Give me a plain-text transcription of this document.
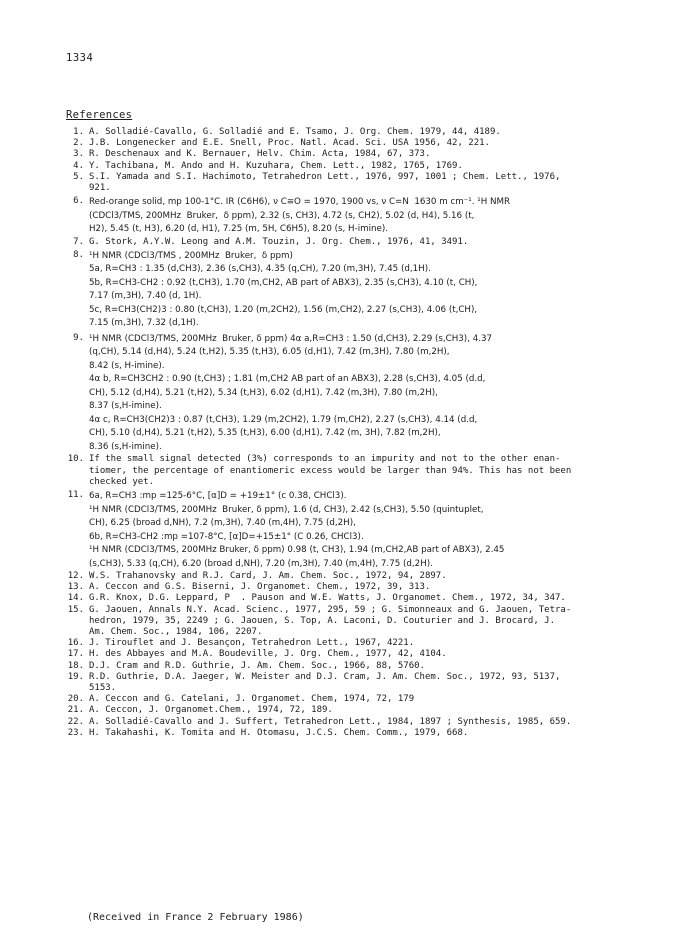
1334
References
1. A. Solladié-Cavallo, G. Solladié and E. Tsamo, J. Org. Chem. 1979, 44, 4189.
2. J.B. Longenecker and E.E. Snell, Proc. Natl. Acad. Sci. USA 1956, 42, 221.
3. R. Deschenaux and K. Bernauer, Helv. Chim. Acta, 1984, 67, 373.
4. Y. Tachibana, M. Ando and H. Kuzuhara, Chem. Lett., 1982, 1765, 1769.
5. S.I. Yamada and S.I. Hachimoto, Tetrahedron Lett., 1976, 997, 1001 ; Chem. Lett., 1976,
921.
6. Red-orange solid, mp 100-1°C. IR (C6H6), ν C≡O = 1970, 1900 vs, ν C=N  1630 m cm⁻¹. ¹H NMR
(CDCl3/TMS, 200MHz  Bruker,  δ ppm), 2.32 (s, CH3), 4.72 (s, CH2), 5.02 (d, H4), 5.16 (t,
H2), 5.45 (t, H3), 6.20 (d, H1), 7.25 (m, 5H, C6H5), 8.20 (s, H-imine).
7. G. Stork, A.Y.W. Leong and A.M. Touzin, J. Org. Chem., 1976, 41, 3491.
8. ¹H NMR (CDCl3/TMS , 200MHz  Bruker,  δ ppm)
5a, R=CH3 : 1.35 (d,CH3), 2.36 (s,CH3), 4.35 (q,CH), 7.20 (m,3H), 7.45 (d,1H).
5b, R=CH3-CH2 : 0.92 (t,CH3), 1.70 (m,CH2, AB part of ABX3), 2.35 (s,CH3), 4.10 (t, CH),
7.17 (m,3H), 7.40 (d, 1H).
5c, R=CH3(CH2)3 : 0.80 (t,CH3), 1.20 (m,2CH2), 1.56 (m,CH2), 2.27 (s,CH3), 4.06 (t,CH),
7.15 (m,3H), 7.32 (d,1H).
9. ¹H NMR (CDCl3/TMS, 200MHz  Bruker, δ ppm) 4α a,R=CH3 : 1.50 (d,CH3), 2.29 (s,CH3), 4.37
(q,CH), 5.14 (d,H4), 5.24 (t,H2), 5.35 (t,H3), 6.05 (d,H1), 7.42 (m,3H), 7.80 (m,2H),
8.42 (s, H-imine).
4α b, R=CH3CH2 : 0.90 (t,CH3) ; 1.81 (m,CH2 AB part of an ABX3), 2.28 (s,CH3), 4.05 (d.d,
CH), 5.12 (d,H4), 5.21 (t,H2), 5.34 (t,H3), 6.02 (d,H1), 7.42 (m,3H), 7.80 (m,2H),
8.37 (s,H-imine).
4α c, R=CH3(CH2)3 : 0.87 (t,CH3), 1.29 (m,2CH2), 1.79 (m,CH2), 2.27 (s,CH3), 4.14 (d.d,
CH), 5.10 (d,H4), 5.21 (t,H2), 5.35 (t,H3), 6.00 (d,H1), 7.42 (m, 3H), 7.82 (m,2H),
8.36 (s,H-imine).
10. If the small signal detected (3%) corresponds to an impurity and not to the other enan-
tiomer, the percentage of enantiomeric excess would be larger than 94%. This has not been
checked yet.
11. 6a, R=CH3 :mp =125-6°C, [α]D = +19±1° (c 0.38, CHCl3).
¹H NMR (CDCl3/TMS, 200MHz  Bruker, δ ppm), 1.6 (d, CH3), 2.42 (s,CH3), 5.50 (quintuplet,
CH), 6.25 (broad d,NH), 7.2 (m,3H), 7.40 (m,4H), 7.75 (d,2H),
6b, R=CH3-CH2 :mp =107-8°C, [α]D=+15±1° (C 0.26, CHCl3).
¹H NMR (CDCl3/TMS, 200MHz Bruker, δ ppm) 0.98 (t, CH3), 1.94 (m,CH2,AB part of ABX3), 2.45
(s,CH3), 5.33 (q,CH), 6.20 (broad d,NH), 7.20 (m,3H), 7.40 (m,4H), 7.75 (d,2H).
12. W.S. Trahanovsky and R.J. Card, J. Am. Chem. Soc., 1972, 94, 2897.
13. A. Ceccon and G.S. Biserni, J. Organomet. Chem., 1972, 39, 313.
14. G.R. Knox, D.G. Leppard, P  . Pauson and W.E. Watts, J. Organomet. Chem., 1972, 34, 347.
15. G. Jaouen, Annals N.Y. Acad. Scienc., 1977, 295, 59 ; G. Simonneaux and G. Jaouen, Tetra-
hedron, 1979, 35, 2249 ; G. Jaouen, S. Top, A. Laconi, D. Couturier and J. Brocard, J.
Am. Chem. Soc., 1984, 106, 2207.
16. J. Tirouflet and J. Besançon, Tetrahedron Lett., 1967, 4221.
17. H. des Abbayes and M.A. Boudeville, J. Org. Chem., 1977, 42, 4104.
18. D.J. Cram and R.D. Guthrie, J. Am. Chem. Soc., 1966, 88, 5760.
19. R.D. Guthrie, D.A. Jaeger, W. Meister and D.J. Cram, J. Am. Chem. Soc., 1972, 93, 5137,
5153.
20. A. Ceccon and G. Catelani, J. Organomet. Chem, 1974, 72, 179
21. A. Ceccon, J. Organomet.Chem., 1974, 72, 189.
22. A. Solladié-Cavallo and J. Suffert, Tetrahedron Lett., 1984, 1897 ; Synthesis, 1985, 659.
23. H. Takahashi, K. Tomita and H. Otomasu, J.C.S. Chem. Comm., 1979, 668.
(Received in France 2 February 1986)
